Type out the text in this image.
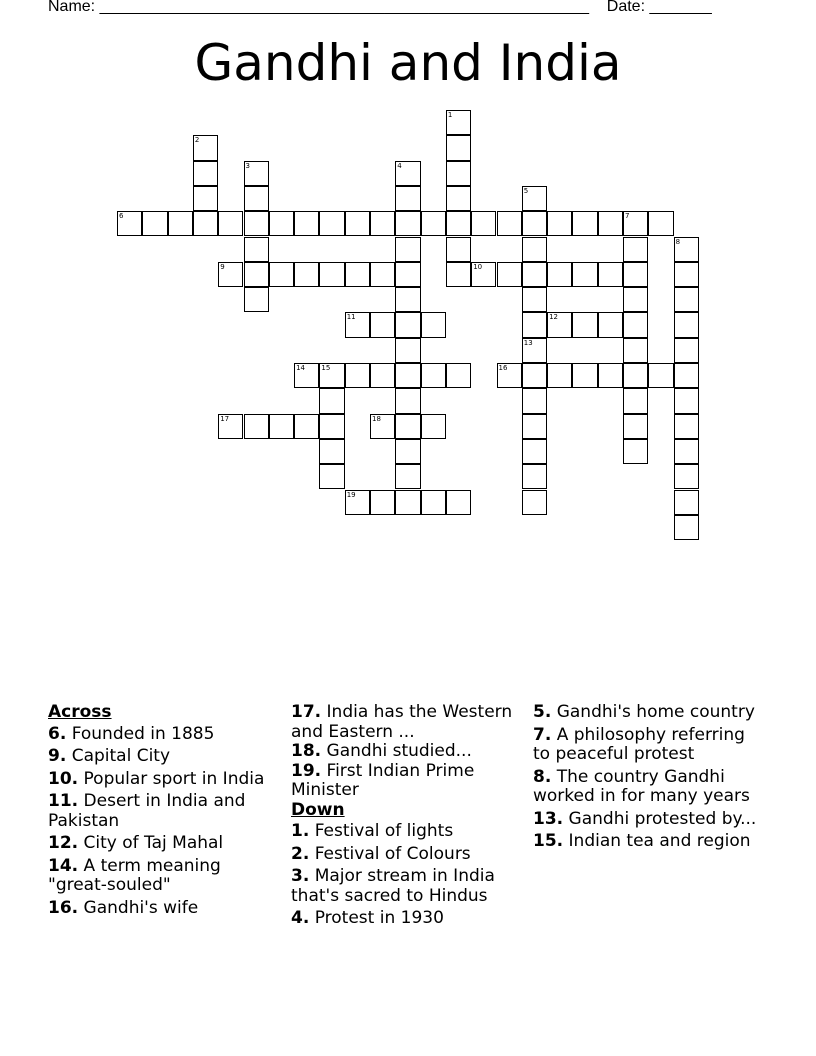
Name: _______________________________________________________ Date: _______
Gandhi and India
1
2
3	4
5
6	7
8
9	10
11	12
13
14 15	16
17	18
19
Across
6. Founded in 1885
9. Capital City
10. Popular sport in India
11. Desert in India and Pakistan
12. City of Taj Mahal
14. A term meaning "great-souled"
16. Gandhi's wife
17. India has the Western and Eastern ...
18. Gandhi studied...
19. First Indian Prime Minister
Down
1. Festival of lights
2. Festival of Colours
3. Major stream in India that's sacred to Hindus
4. Protest in 1930
5. Gandhi's home country
7. A philosophy referring to peaceful protest
8. The country Gandhi worked in for many years
13. Gandhi protested by...
15. Indian tea and region
